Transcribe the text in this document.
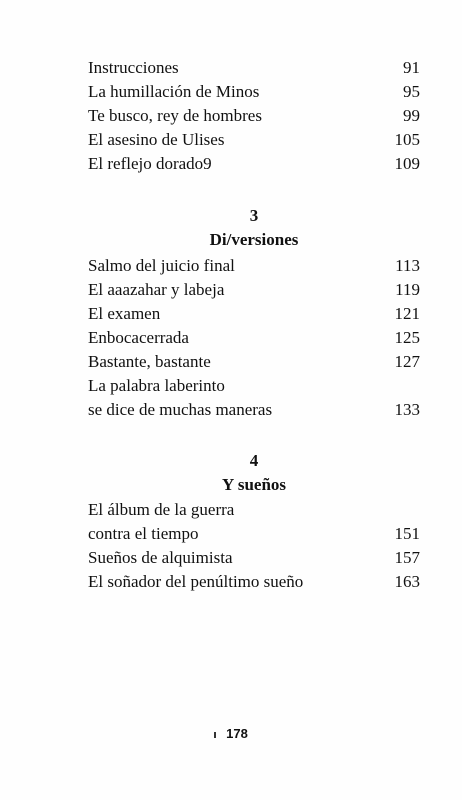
Instrucciones	91
La humillación de Minos	95
Te busco, rey de hombres	99
El asesino de Ulises	105
El reflejo dorado9	109
3
Di/versiones
Salmo del juicio final	113
El aaazahar y labeja	119
El examen	121
Enbocacerrada	125
Bastante, bastante	127
La palabra laberinto
se dice de muchas maneras	133
4
Y sueños
El álbum de la guerra
contra el tiempo	151
Sueños de alquimista	157
El soñador del penúltimo sueño	163
178
